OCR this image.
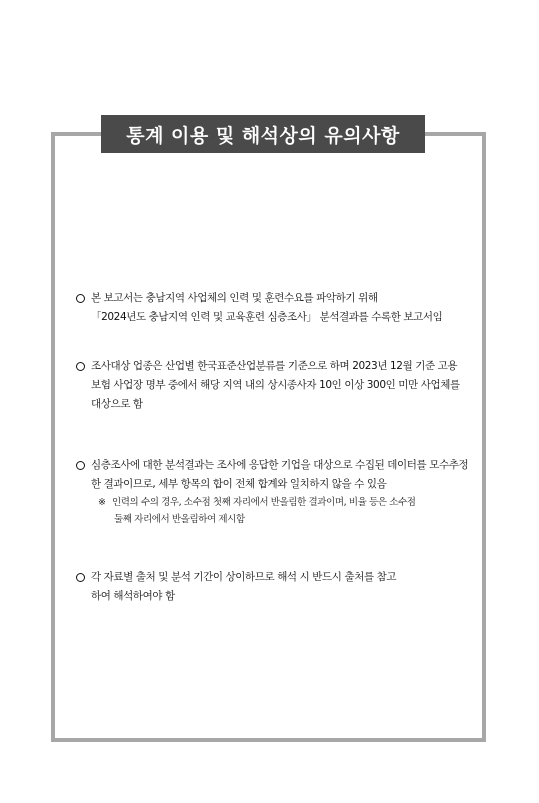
통계 이용 및 해석상의 유의사항
본 보고서는 충남지역 사업체의 인력 및 훈련수요를 파악하기 위해
「2024년도 충남지역 인력 및 교육훈련 심층조사」 분석결과를 수록한 보고서임
조사대상 업종은 산업별 한국표준산업분류를 기준으로 하며 2023년 12월 기준 고용
보험 사업장 명부 중에서 해당 지역 내의 상시종사자 10인 이상 300인 미만 사업체를
대상으로 함
심층조사에 대한 분석결과는 조사에 응답한 기업을 대상으로 수집된 데이터를 모수추정
한 결과이므로, 세부 항목의 합이 전체 합계와 일치하지 않을 수 있음
※ 인력의 수의 경우, 소수점 첫째 자리에서 반올림한 결과이며, 비율 등은 소수점
둘째 자리에서 반올림하여 제시함
각 자료별 출처 및 분석 기간이 상이하므로 해석 시 반드시 출처를 참고
하여 해석하여야 함
